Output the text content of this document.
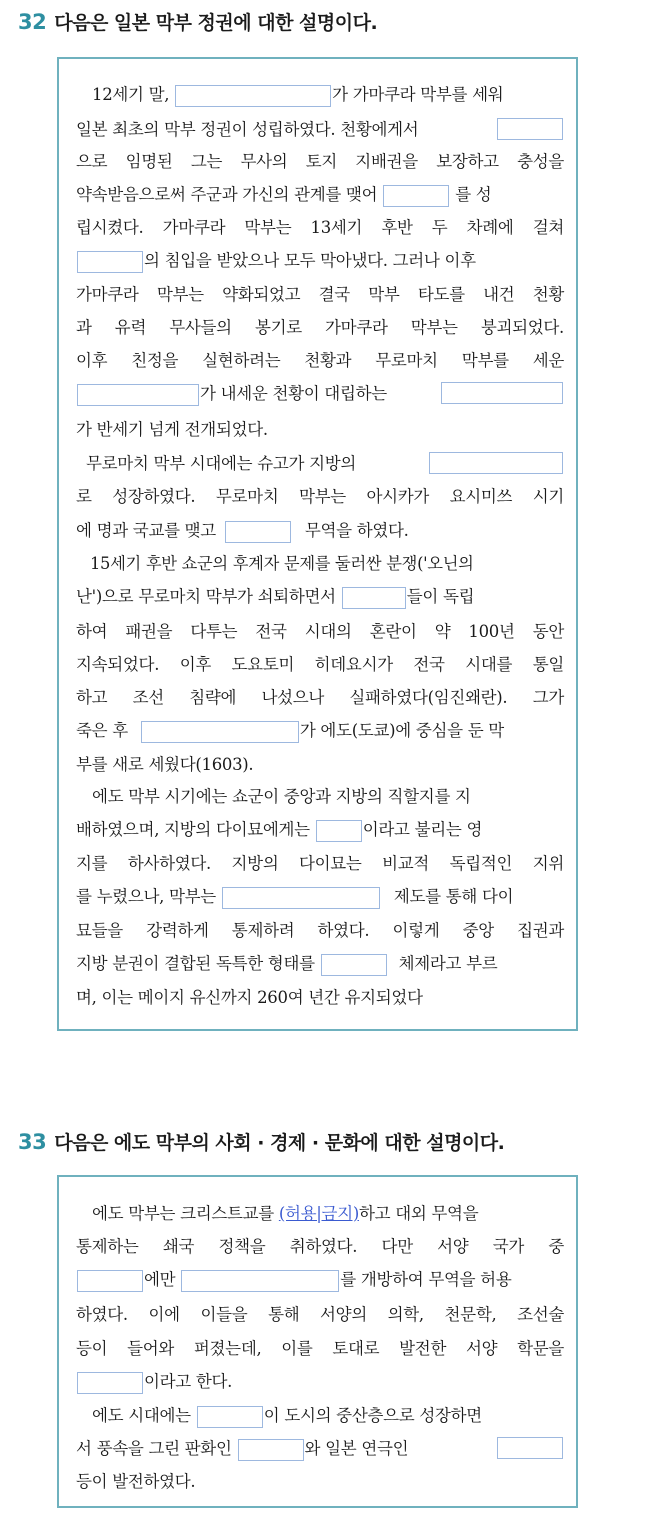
32 다음은 일본 막부 정권에 대한 설명이다.
12세기 말,	가 가마쿠라 막부를 세워
일본 최초의 막부 정권이 성립하였다. 천황에게서
으로 임명된 그는 무사의 토지 지배권을 보장하고 충성을
약속받음으로써 주군과 가신의 관계를 맺어	를 성
립시켰다. 가마쿠라 막부는 13세기 후반 두 차례에 걸쳐
의 침입을 받았으나 모두 막아냈다. 그러나 이후
가마쿠라 막부는 약화되었고 결국 막부 타도를 내건 천황
과 유력 무사들의 봉기로 가마쿠라 막부는 붕괴되었다.
이후 친정을 실현하려는 천황과 무로마치 막부를 세운
가 내세운 천황이 대립하는
가 반세기 넘게 전개되었다.
무로마치 막부 시대에는 슈고가 지방의
로 성장하였다. 무로마치 막부는 아시카가 요시미쓰 시기
에 명과 국교를 맺고	무역을 하였다.
15세기 후반 쇼군의 후계자 문제를 둘러싼 분쟁('오닌의
난')으로 무로마치 막부가 쇠퇴하면서	들이 독립
하여 패권을 다투는 전국 시대의 혼란이 약 100년 동안
지속되었다. 이후 도요토미 히데요시가 전국 시대를 통일
하고 조선 침략에 나섰으나 실패하였다(임진왜란). 그가
죽은 후	가 에도(도쿄)에 중심을 둔 막
부를 새로 세웠다(1603).
에도 막부 시기에는 쇼군이 중앙과 지방의 직할지를 지
배하였으며, 지방의 다이묘에게는	이라고 불리는 영
지를 하사하였다. 지방의 다이묘는 비교적 독립적인 지위
를 누렸으나, 막부는	제도를 통해 다이
묘들을 강력하게 통제하려 하였다. 이렇게 중앙 집권과
지방 분권이 결합된 독특한 형태를	체제라고 부르
며, 이는 메이지 유신까지 260여 년간 유지되었다
33 다음은 에도 막부의 사회 · 경제 · 문화에 대한 설명이다.
에도 막부는 크리스트교를 (허용|금지)하고 대외 무역을
통제하는 쇄국 정책을 취하였다. 다만 서양 국가 중
에만	를 개방하여 무역을 허용
하였다. 이에 이들을 통해 서양의 의학, 천문학, 조선술
등이 들어와 퍼졌는데, 이를 토대로 발전한 서양 학문을
이라고 한다.
에도 시대에는	이 도시의 중산층으로 성장하면
서 풍속을 그린 판화인	와 일본 연극인
등이 발전하였다.
